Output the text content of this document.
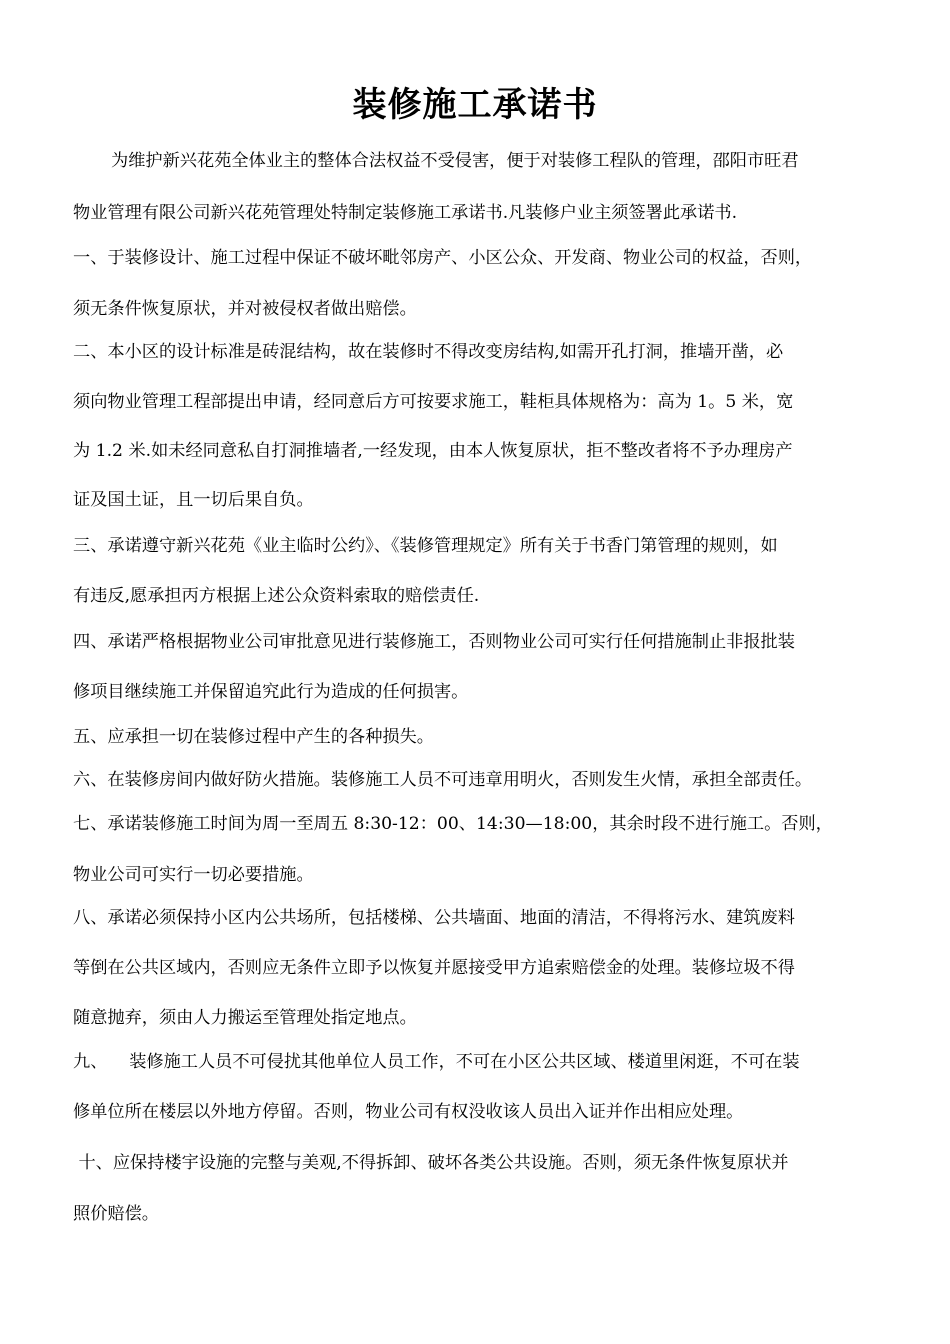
装修施工承诺书
为维护新兴花苑全体业主的整体合法权益不受侵害，便于对装修工程队的管理，邵阳市旺君
物业管理有限公司新兴花苑管理处特制定装修施工承诺书.凡装修户业主须签署此承诺书.
一、于装修设计、施工过程中保证不破坏毗邻房产、小区公众、开发商、物业公司的权益，否则，
须无条件恢复原状，并对被侵权者做出赔偿。
二、本小区的设计标准是砖混结构，故在装修时不得改变房结构,如需开孔打洞，推墙开凿，必
须向物业管理工程部提出申请，经同意后方可按要求施工，鞋柜具体规格为：高为 1。5 米，宽
为 1.2 米.如未经同意私自打洞推墙者,一经发现，由本人恢复原状，拒不整改者将不予办理房产
证及国土证，且一切后果自负。
三、承诺遵守新兴花苑《业主临时公约》、《装修管理规定》所有关于书香门第管理的规则，如
有违反,愿承担丙方根据上述公众资料索取的赔偿责任.
四、承诺严格根据物业公司审批意见进行装修施工，否则物业公司可实行任何措施制止非报批装
修项目继续施工并保留追究此行为造成的任何损害。
五、应承担一切在装修过程中产生的各种损失。
六、在装修房间内做好防火措施。装修施工人员不可违章用明火，否则发生火情，承担全部责任。
七、承诺装修施工时间为周一至周五 8:30-12：00、14:30—18:00，其余时段不进行施工。否则，
物业公司可实行一切必要措施。
八、承诺必须保持小区内公共场所，包括楼梯、公共墙面、地面的清洁，不得将污水、建筑废料
等倒在公共区域内，否则应无条件立即予以恢复并愿接受甲方追索赔偿金的处理。装修垃圾不得
随意抛弃，须由人力搬运至管理处指定地点。
九、    装修施工人员不可侵扰其他单位人员工作，不可在小区公共区域、楼道里闲逛，不可在装
修单位所在楼层以外地方停留。否则，物业公司有权没收该人员出入证并作出相应处理。
十、应保持楼宇设施的完整与美观,不得拆卸、破坏各类公共设施。否则，须无条件恢复原状并
照价赔偿。
